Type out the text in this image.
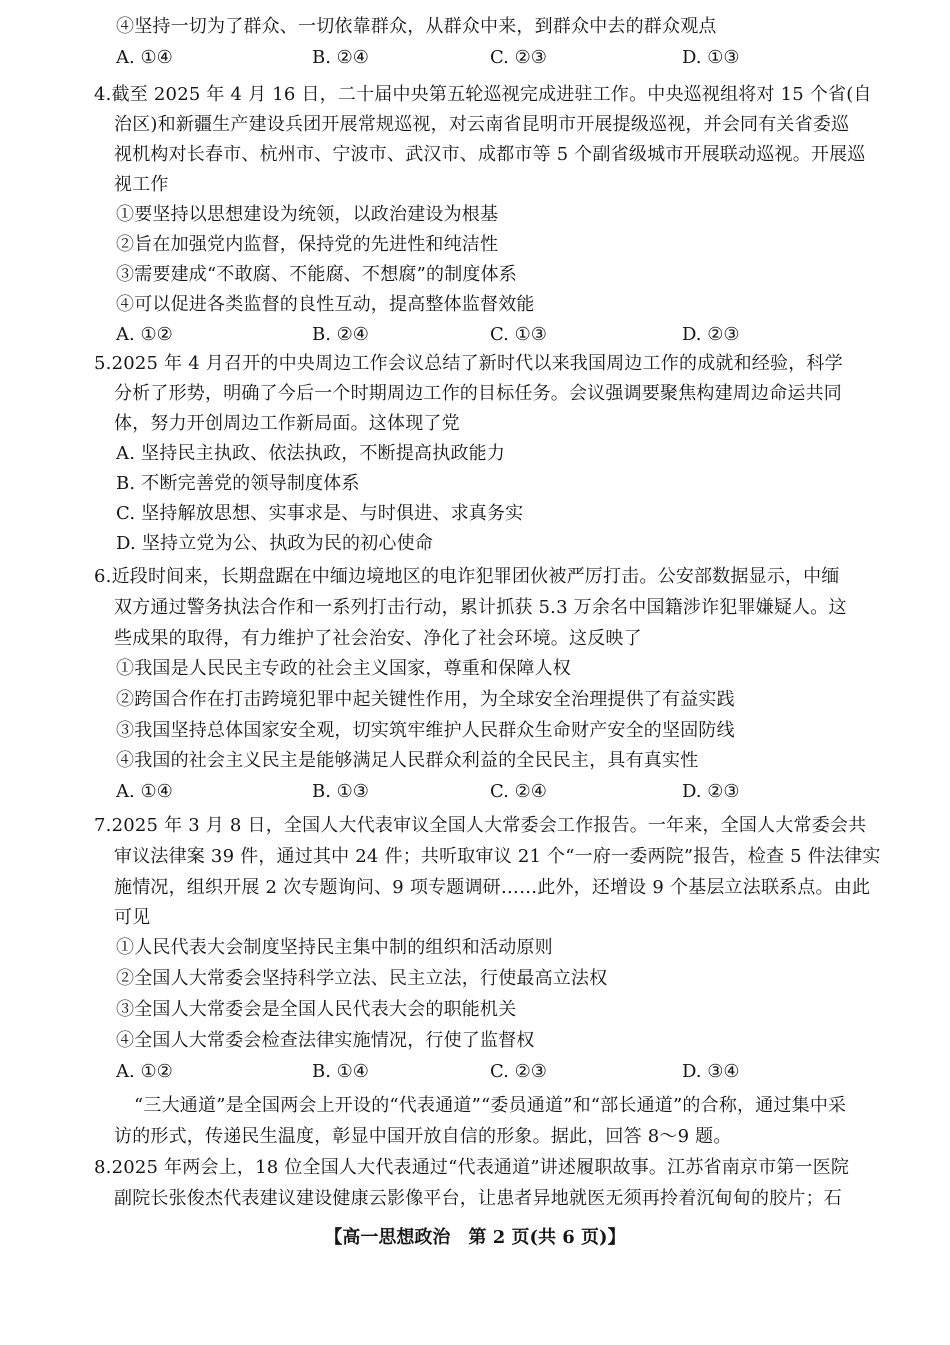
④坚持一切为了群众、一切依靠群众，从群众中来，到群众中去的群众观点
A. ①④	B. ②④	C. ②③	D. ①③
4.截至 2025 年 4 月 16 日，二十届中央第五轮巡视完成进驻工作。中央巡视组将对 15 个省(自
治区)和新疆生产建设兵团开展常规巡视，对云南省昆明市开展提级巡视，并会同有关省委巡
视机构对长春市、杭州市、宁波市、武汉市、成都市等 5 个副省级城市开展联动巡视。开展巡
视工作
①要坚持以思想建设为统领，以政治建设为根基
②旨在加强党内监督，保持党的先进性和纯洁性
③需要建成“不敢腐、不能腐、不想腐”的制度体系
④可以促进各类监督的良性互动，提高整体监督效能
A. ①②	B. ②④	C. ①③	D. ②③
5.2025 年 4 月召开的中央周边工作会议总结了新时代以来我国周边工作的成就和经验，科学
分析了形势，明确了今后一个时期周边工作的目标任务。会议强调要聚焦构建周边命运共同
体，努力开创周边工作新局面。这体现了党
A. 坚持民主执政、依法执政，不断提高执政能力
B. 不断完善党的领导制度体系
C. 坚持解放思想、实事求是、与时俱进、求真务实
D. 坚持立党为公、执政为民的初心使命
6.近段时间来，长期盘踞在中缅边境地区的电诈犯罪团伙被严厉打击。公安部数据显示，中缅
双方通过警务执法合作和一系列打击行动，累计抓获 5.3 万余名中国籍涉诈犯罪嫌疑人。这
些成果的取得，有力维护了社会治安、净化了社会环境。这反映了
①我国是人民民主专政的社会主义国家，尊重和保障人权
②跨国合作在打击跨境犯罪中起关键性作用，为全球安全治理提供了有益实践
③我国坚持总体国家安全观，切实筑牢维护人民群众生命财产安全的坚固防线
④我国的社会主义民主是能够满足人民群众利益的全民民主，具有真实性
A. ①④	B. ①③	C. ②④	D. ②③
7.2025 年 3 月 8 日，全国人大代表审议全国人大常委会工作报告。一年来，全国人大常委会共
审议法律案 39 件，通过其中 24 件；共听取审议 21 个“一府一委两院”报告，检查 5 件法律实
施情况，组织开展 2 次专题询问、9 项专题调研……此外，还增设 9 个基层立法联系点。由此
可见
①人民代表大会制度坚持民主集中制的组织和活动原则
②全国人大常委会坚持科学立法、民主立法，行使最高立法权
③全国人大常委会是全国人民代表大会的职能机关
④全国人大常委会检查法律实施情况，行使了监督权
A. ①②	B. ①④	C. ②③	D. ③④
“三大通道”是全国两会上开设的“代表通道”“委员通道”和“部长通道”的合称，通过集中采
访的形式，传递民生温度，彰显中国开放自信的形象。据此，回答 8～9 题。
8.2025 年两会上，18 位全国人大代表通过“代表通道”讲述履职故事。江苏省南京市第一医院
副院长张俊杰代表建议建设健康云影像平台，让患者异地就医无须再拎着沉甸甸的胶片；石
【高一思想政治　第 2 页(共 6 页)】
